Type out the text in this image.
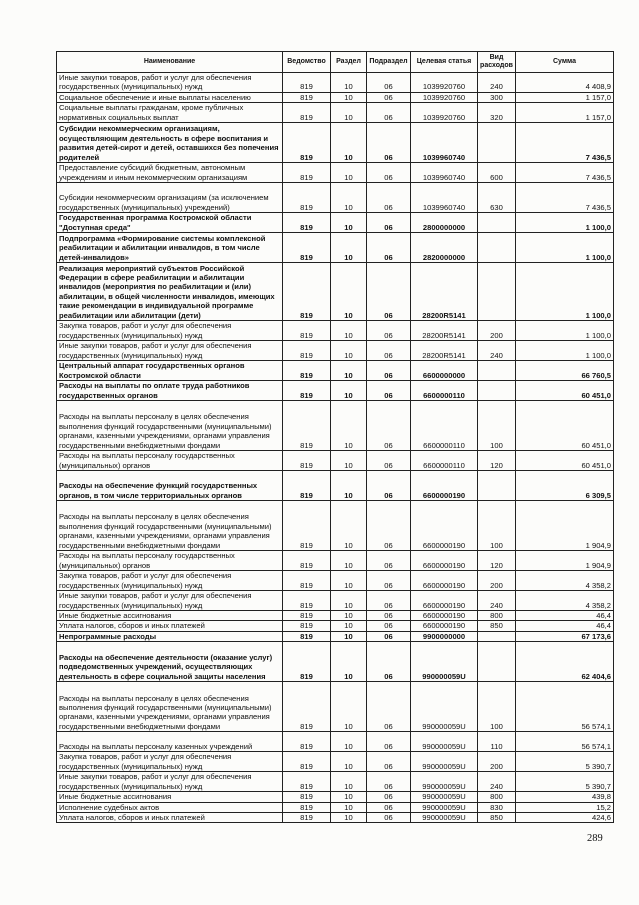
Наименование	Ведомство	Раздел	Подраздел	Целевая статья	Вид расходов	Сумма
Иные закупки товаров, работ и услуг для обеспечения государственных (муниципальных) нужд	819	10	06	1039920760	240	4 408,9
Социальное обеспечение и иные выплаты населению	819	10	06	1039920760	300	1 157,0
Социальные выплаты гражданам, кроме публичных нормативных социальных выплат	819	10	06	1039920760	320	1 157,0
Субсидии некоммерческим организациям, осуществляющим деятельность в сфере воспитания и развития детей-сирот и детей, оставшихся без попечения родителей	819	10	06	1039960740		7 436,5
Предоставление субсидий бюджетным, автономным учреждениям и иным некоммерческим организациям	819	10	06	1039960740	600	7 436,5
Субсидии некоммерческим организациям (за исключением государственных (муниципальных) учреждений)	819	10	06	1039960740	630	7 436,5
Государственная программа Костромской области "Доступная среда"	819	10	06	2800000000		1 100,0
Подпрограмма «Формирование системы комплексной реабилитации и абилитации инвалидов, в том числе детей-инвалидов»	819	10	06	2820000000		1 100,0
Реализация мероприятий субъектов Российской Федерации в сфере реабилитации и абилитации инвалидов (мероприятия по реабилитации и (или) абилитации, в общей численности инвалидов, имеющих такие рекомендации в индивидуальной программе реабилитации или абилитации (дети)	819	10	06	28200R5141		1 100,0
Закупка товаров, работ и услуг для обеспечения государственных (муниципальных) нужд	819	10	06	28200R5141	200	1 100,0
Иные закупки товаров, работ и услуг для обеспечения государственных (муниципальных) нужд	819	10	06	28200R5141	240	1 100,0
Центральный аппарат государственных органов Костромской области	819	10	06	6600000000		66 760,5
Расходы на выплаты по оплате труда работников государственных органов	819	10	06	6600000110		60 451,0
Расходы на выплаты персоналу в целях обеспечения выполнения функций государственными (муниципальными) органами, казенными учреждениями, органами управления государственными внебюджетными фондами	819	10	06	6600000110	100	60 451,0
Расходы на выплаты персоналу государственных (муниципальных) органов	819	10	06	6600000110	120	60 451,0
Расходы на обеспечение функций государственных органов, в том числе территориальных органов	819	10	06	6600000190		6 309,5
Расходы на выплаты персоналу в целях обеспечения выполнения функций государственными (муниципальными) органами, казенными учреждениями, органами управления государственными внебюджетными фондами	819	10	06	6600000190	100	1 904,9
Расходы на выплаты персоналу государственных (муниципальных) органов	819	10	06	6600000190	120	1 904,9
Закупка товаров, работ и услуг для обеспечения государственных (муниципальных) нужд	819	10	06	6600000190	200	4 358,2
Иные закупки товаров, работ и услуг для обеспечения государственных (муниципальных) нужд	819	10	06	6600000190	240	4 358,2
Иные бюджетные ассигнования	819	10	06	6600000190	800	46,4
Уплата налогов, сборов и иных платежей	819	10	06	6600000190	850	46,4
Непрограммные расходы	819	10	06	9900000000		67 173,6
Расходы на обеспечение деятельности (оказание услуг) подведомственных учреждений, осуществляющих деятельность в сфере социальной защиты населения	819	10	06	990000059U		62 404,6
Расходы на выплаты персоналу в целях обеспечения выполнения функций государственными (муниципальными) органами, казенными учреждениями, органами управления государственными внебюджетными фондами	819	10	06	990000059U	100	56 574,1
Расходы на выплаты персоналу казенных учреждений	819	10	06	990000059U	110	56 574,1
Закупка товаров, работ и услуг для обеспечения государственных (муниципальных) нужд	819	10	06	990000059U	200	5 390,7
Иные закупки товаров, работ и услуг для обеспечения государственных (муниципальных) нужд	819	10	06	990000059U	240	5 390,7
Иные бюджетные ассигнования	819	10	06	990000059U	800	439,8
Исполнение судебных актов	819	10	06	990000059U	830	15,2
Уплата налогов, сборов и иных платежей	819	10	06	990000059U	850	424,6
289
